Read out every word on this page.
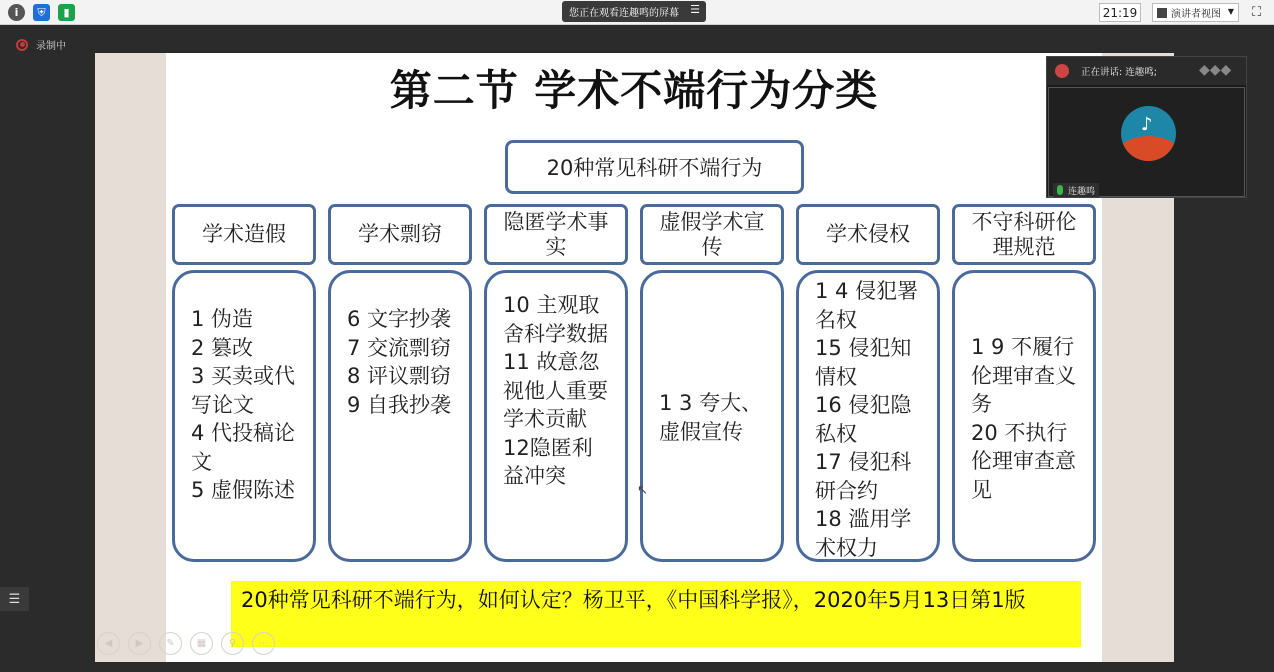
i	⛨	▮	您正在观看连趣鸣的屏幕 ☰	21:19	演讲者视图 ▼	⛶
录制中
☰
第二节 学术不端行为分类
20种常见科研不端行为
学术造假	学术剽窃
隐匿学术事实
虚假学术宣传
学术侵权
不守科研伦理规范
1 伪造
2 篡改
3 买卖或代写论文
4 代投稿论文
5 虚假陈述
6 文字抄袭
7 交流剽窃
8 评议剽窃
9 自我抄袭
10 主观取舍科学数据
11 故意忽视他人重要学术贡献
12隐匿利益冲突
1 3 夸大、虚假宣传
1 4 侵犯署名权
15 侵犯知情权
16 侵犯隐私权
17 侵犯科研合约
18 滥用学术权力
1 9 不履行伦理审查义务
20 不执行伦理审查意见
20种常见科研不端行为，如何认定？杨卫平，《中国科学报》，2020年5月13日第1版
↖
◀	▶	✎	▦	⚲	⋯
正在讲话: 连趣鸣;
♪
连趣鸣
◆◆◆
